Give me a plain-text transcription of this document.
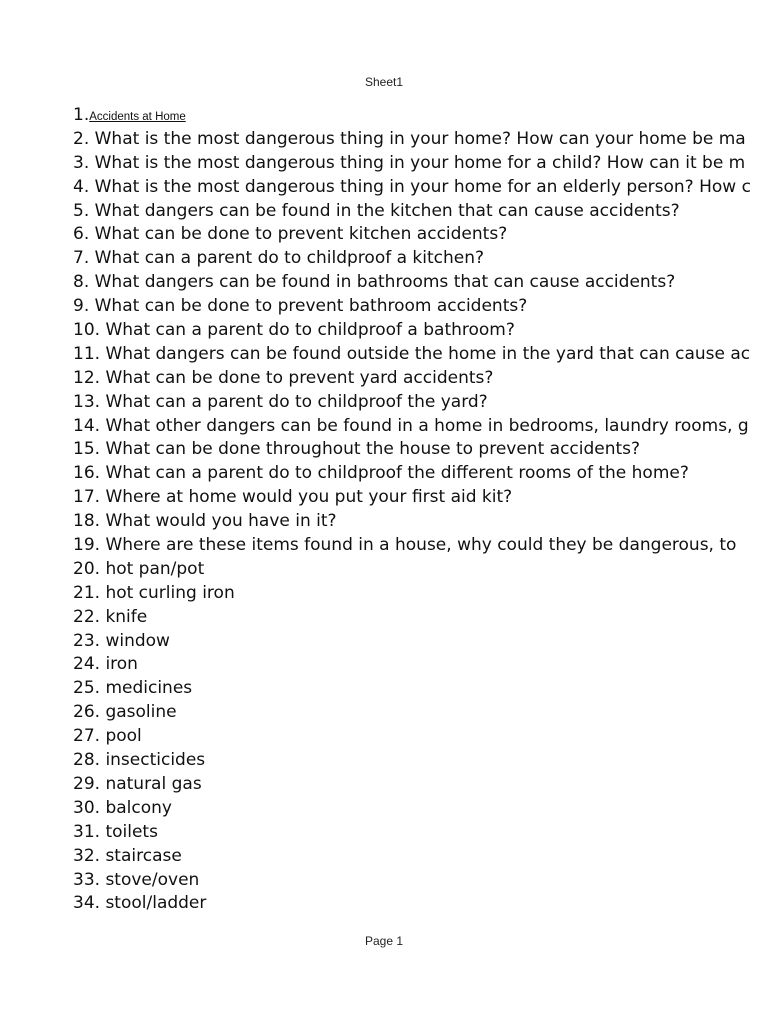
Sheet1
1.Accidents at Home
2. What is the most dangerous thing in your home? How can your home be ma
3. What is the most dangerous thing in your home for a child? How can it be m
4. What is the most dangerous thing in your home for an elderly person? How c
5. What dangers can be found in the kitchen that can cause accidents?
6. What can be done to prevent kitchen accidents?
7. What can a parent do to childproof a kitchen?
8. What dangers can be found in bathrooms that can cause accidents?
9. What can be done to prevent bathroom accidents?
10. What can a parent do to childproof a bathroom?
11. What dangers can be found outside the home in the yard that can cause ac
12. What can be done to prevent yard accidents?
13. What can a parent do to childproof the yard?
14. What other dangers can be found in a home in bedrooms, laundry rooms, g
15. What can be done throughout the house to prevent accidents?
16. What can a parent do to childproof the different rooms of the home?
17. Where at home would you put your first aid kit?
18. What would you have in it?
19. Where are these items found in a house, why could they be dangerous, to
20. hot pan/pot
21. hot curling iron
22. knife
23. window
24. iron
25. medicines
26. gasoline
27. pool
28. insecticides
29. natural gas
30. balcony
31. toilets
32. staircase
33. stove/oven
34. stool/ladder
Page 1
